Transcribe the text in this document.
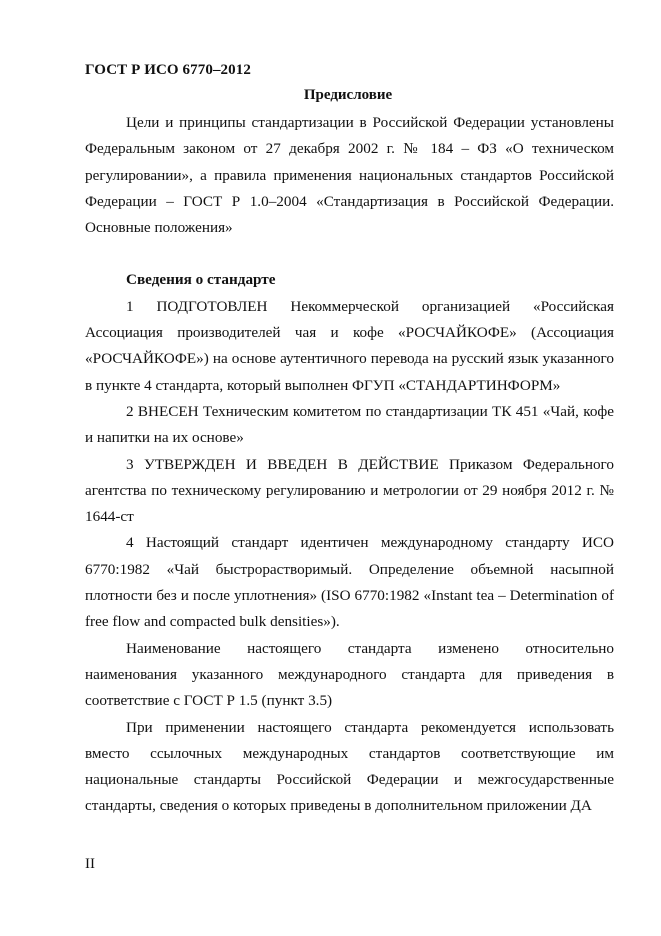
ГОСТ Р ИСО 6770–2012
Предисловие

Цели и принципы стандартизации в Российской Федерации установлены Федеральным законом от 27 декабря 2002 г. № 184 – ФЗ «О техническом регулировании», а правила применения национальных стандартов Российской Федерации – ГОСТ Р 1.0–2004 «Стандартизация в Российской Федерации. Основные положения»

Сведения о стандарте

1 ПОДГОТОВЛЕН Некоммерческой организацией «Российская Ассоциация производителей чая и кофе «РОСЧАЙКОФЕ» (Ассоциация «РОСЧАЙКОФЕ») на основе аутентичного перевода на русский язык указанного в пункте 4 стандарта, который выполнен ФГУП «СТАНДАРТИНФОРМ»

2 ВНЕСЕН Техническим комитетом по стандартизации ТК 451 «Чай, кофе и напитки на их основе»

3 УТВЕРЖДЕН И ВВЕДЕН В ДЕЙСТВИЕ Приказом Федерального агентства по техническому регулированию и метрологии от 29 ноября 2012 г. № 1644-ст

4 Настоящий стандарт идентичен международному стандарту ИСО 6770:1982 «Чай быстрорастворимый. Определение объемной насыпной плотности без и после уплотнения» (ISO 6770:1982 «Instant tea – Determination of free flow and compacted bulk densities»).

Наименование настоящего стандарта изменено относительно наименования указанного международного стандарта для приведения в соответствие с ГОСТ Р 1.5 (пункт 3.5)

При применении настоящего стандарта рекомендуется использовать вместо ссылочных международных стандартов соответствующие им национальные стандарты Российской Федерации и межгосударственные стандарты, сведения о которых приведены в дополнительном приложении ДА

II
